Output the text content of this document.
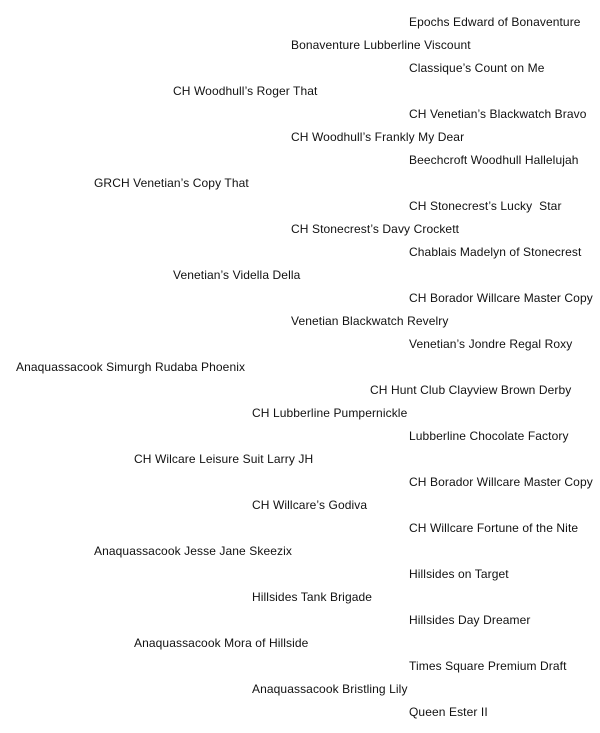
Epochs Edward of Bonaventure
Bonaventure Lubberline Viscount
Classique’s Count on Me
CH Woodhull’s Roger That
CH Venetian’s Blackwatch Bravo
CH Woodhull’s Frankly My Dear
Beechcroft Woodhull Hallelujah
GRCH Venetian’s Copy That
CH Stonecrest’s Lucky  Star
CH Stonecrest’s Davy Crockett
Chablais Madelyn of Stonecrest
Venetian’s Vidella Della
CH Borador Willcare Master Copy
Venetian Blackwatch Revelry
Venetian’s Jondre Regal Roxy
Anaquassacook Simurgh Rudaba Phoenix
CH Hunt Club Clayview Brown Derby
CH Lubberline Pumpernickle
Lubberline Chocolate Factory
CH Wilcare Leisure Suit Larry JH
CH Borador Willcare Master Copy
CH Willcare’s Godiva
CH Willcare Fortune of the Nite
Anaquassacook Jesse Jane Skeezix
Hillsides on Target
Hillsides Tank Brigade
Hillsides Day Dreamer
Anaquassacook Mora of Hillside
Times Square Premium Draft
Anaquassacook Bristling Lily
Queen Ester II
